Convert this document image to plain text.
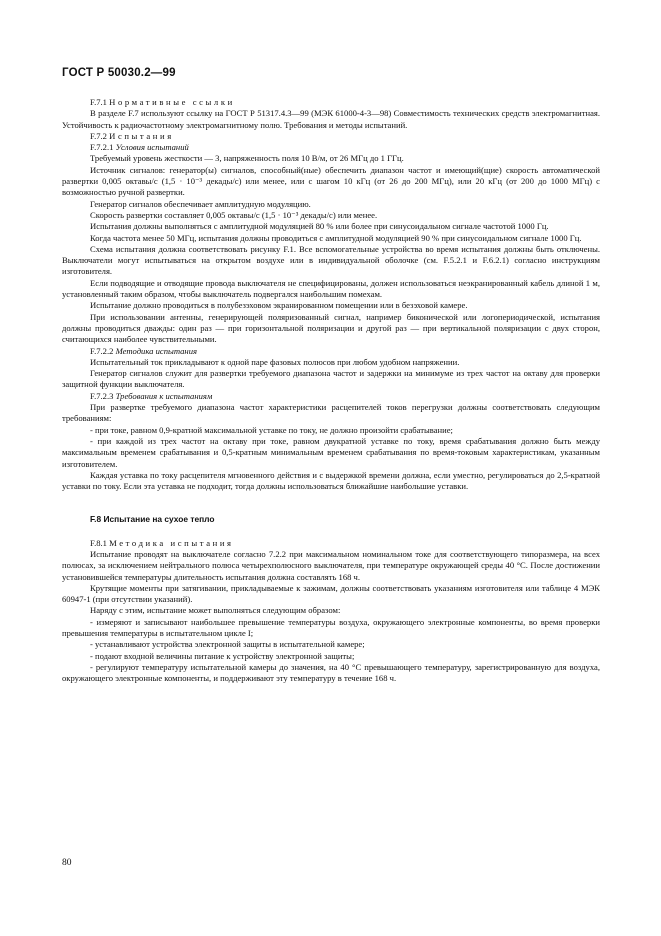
ГОСТ Р 50030.2—99

F.7.1 Нормативные ссылки

В разделе F.7 используют ссылку на ГОСТ Р 51317.4.3—99 (МЭК 61000-4-3—98) Совместимость технических средств электромагнитная. Устойчивость к радиочастотному электромагнитному полю. Требования и методы испытаний.

F.7.2 Испытания

F.7.2.1 Условия испытаний

Требуемый уровень жесткости — 3, напряженность поля 10 В/м, от 26 МГц до 1 ГГц.

Источник сигналов: генератор(ы) сигналов, способный(ные) обеспечить диапазон частот и имеющий(щие) скорость автоматической развертки 0,005 октавы/с (1,5 · 10⁻³ декады/с) или менее, или с шагом 10 кГц (от 26 до 200 МГц), или 20 кГц (от 200 до 1000 МГц) с возможностью ручной развертки.

Генератор сигналов обеспечивает амплитудную модуляцию.

Скорость развертки составляет 0,005 октавы/с (1,5 · 10⁻³ декады/с) или менее.

Испытания должны выполняться с амплитудной модуляцией 80 % или более при синусоидальном сигнале частотой 1000 Гц.

Когда частота менее 50 МГц, испытания должны проводиться с амплитудной модуляцией 90 % при синусоидальном сигнале 1000 Гц.

Схема испытания должна соответствовать рисунку F.1. Все вспомогательные устройства во время испытания должны быть отключены. Выключатели могут испытываться на открытом воздухе или в индивидуальной оболочке (см. F.5.2.1 и F.6.2.1) согласно инструкциям изготовителя.

Если подводящие и отводящие провода выключателя не специфицированы, должен использоваться неэкранированный кабель длиной 1 м, установленный таким образом, чтобы выключатель подвергался наибольшим помехам.

Испытание должно проводиться в полубезэховом экранированном помещении или в безэховой камере.

При использовании антенны, генерирующей поляризованный сигнал, например биконической или логопериодической, испытания должны проводиться дважды: один раз — при горизонтальной поляризации и другой раз — при вертикальной поляризации с двух сторон, считающихся наиболее чувствительными.

F.7.2.2 Методика испытания

Испытательный ток прикладывают к одной паре фазовых полюсов при любом удобном напряжении.

Генератор сигналов служит для развертки требуемого диапазона частот и задержки на минимуме из трех частот на октаву для проверки защитной функции выключателя.

F.7.2.3 Требования к испытаниям

При развертке требуемого диапазона частот характеристики расцепителей токов перегрузки должны соответствовать следующим требованиям:

- при токе, равном 0,9-кратной максимальной уставке по току, не должно произойти срабатывание;

- при каждой из трех частот на октаву при токе, равном двукратной уставке по току, время срабатывания должно быть между максимальным временем срабатывания и 0,5-кратным минимальным временем срабатывания по время-токовым характеристикам, указанным изготовителем.

Каждая уставка по току расцепителя мгновенного действия и с выдержкой времени должна, если уместно, регулироваться до 2,5-кратной уставки по току. Если эта уставка не подходит, тогда должны использоваться ближайшие наибольшие уставки.

F.8 Испытание на сухое тепло

F.8.1 Методика испытания

Испытание проводят на выключателе согласно 7.2.2 при максимальном номинальном токе для соответствующего типоразмера, на всех полюсах, за исключением нейтрального полюса четырехполюсного выключателя, при температуре окружающей среды 40 °C. После достижении установившейся температуры длительность испытания должна составлять 168 ч.

Крутящие моменты при затягивании, прикладываемые к зажимам, должны соответствовать указаниям изготовителя или таблице 4 МЭК 60947-1 (при отсутствии указаний).

Наряду с этим, испытание может выполняться следующим образом:

- измеряют и записывают наибольшее превышение температуры воздуха, окружающего электронные компоненты, во время проверки превышения температуры в испытательном цикле I;

- устанавливают устройства электронной защиты в испытательной камере;

- подают входной величины питание к устройству электронной защиты;

- регулируют температуру испытательной камеры до значения, на 40 °C превышающего температуру, зарегистрированную для воздуха, окружающего электронные компоненты, и поддерживают эту температуру в течение 168 ч.

80
